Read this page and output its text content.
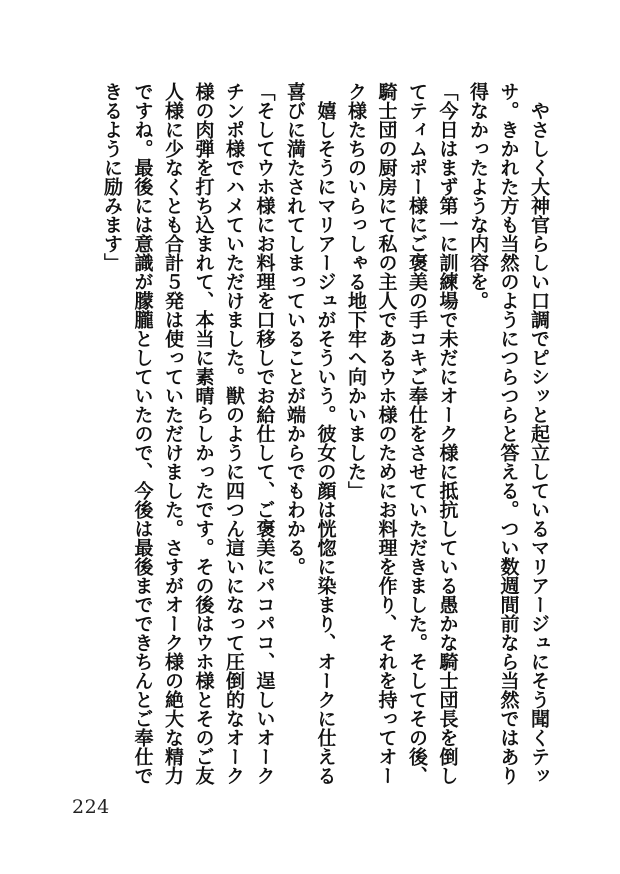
　やさしく大神官らしい口調でピシッと起立しているマリアージュにそう聞くテッサ。きかれた方も当然のようにつらつらと答える。つい数週間前なら当然ではあり得なかったような内容を。

「今日はまず第一に訓練場で未だにオーク様に抵抗している愚かな騎士団長を倒してティムポー様にご褒美の手コキご奉仕をさせていただきました。そしてその後、騎士団の厨房にて私の主人であるウホ様のためにお料理を作り、それを持ってオーク様たちのいらっしゃる地下牢へ向かいました」

　嬉しそうにマリアージュがそういう。彼女の顔は恍惚に染まり、オークに仕える喜びに満たされてしまっていることが端からでもわかる。

「そしてウホ様にお料理を口移しでお給仕して、ご褒美にパコパコ、逞しいオークチンポ様でハメていただけました。獣のように四つん這いになって圧倒的なオーク様の肉弾を打ち込まれて、本当に素晴らしかったです。その後はウホ様とそのご友人様に少なくとも合計５発は使っていただけました。さすがオーク様の絶大な精力ですね。最後には意識が朦朧としていたので、今後は最後までできちんとご奉仕できるように励みます」

224
